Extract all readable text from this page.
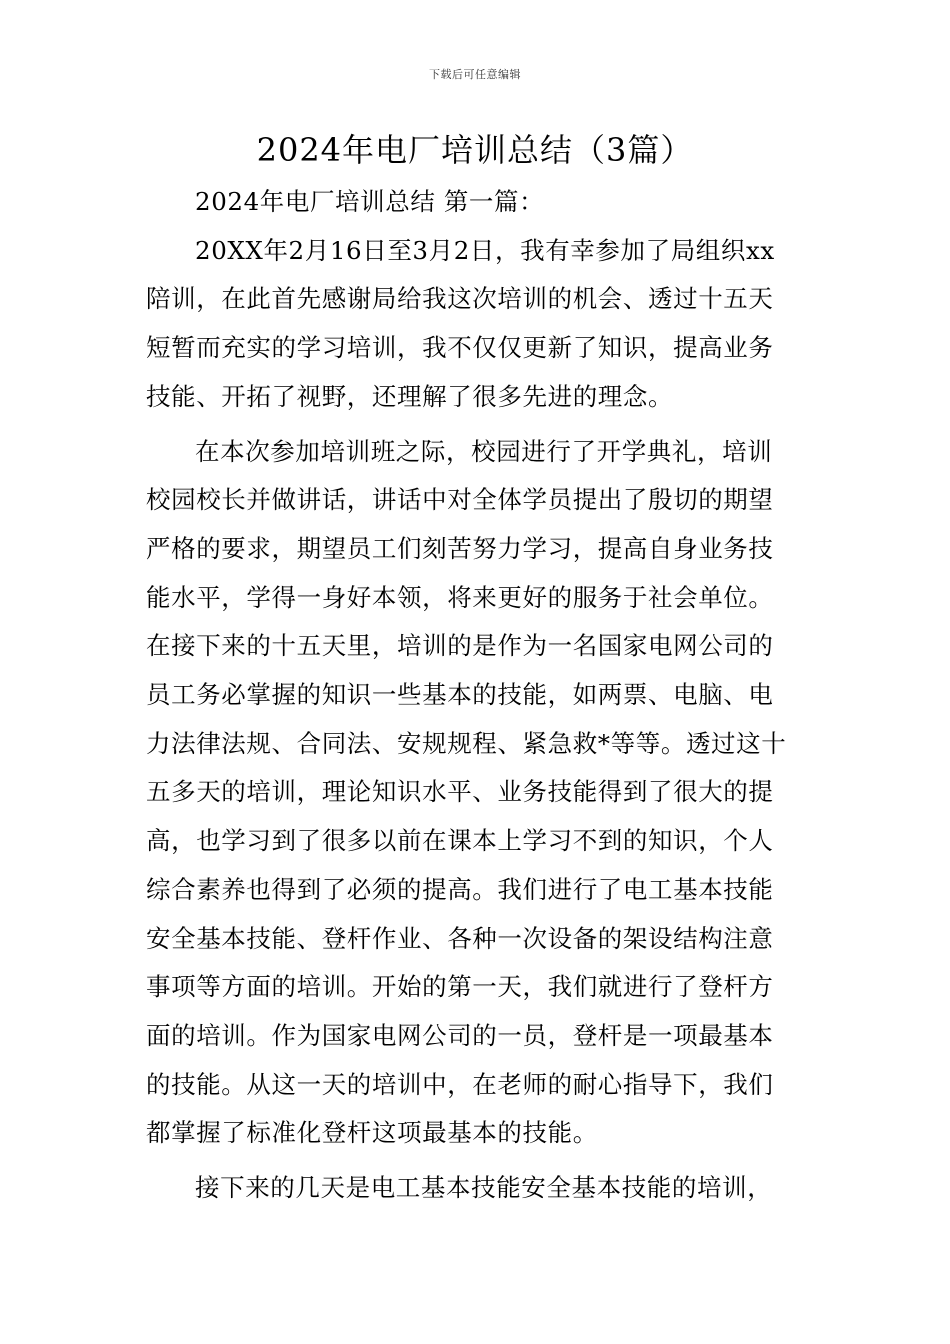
下载后可任意编辑
2024年电厂培训总结（3篇）

2024年电厂培训总结 第一篇：

20XX年2月16日至3月2日，我有幸参加了局组织xx
陪训，在此首先感谢局给我这次培训的机会、透过十五天
短暂而充实的学习培训，我不仅仅更新了知识，提高业务
技能、开拓了视野，还理解了很多先进的理念。

在本次参加培训班之际，校园进行了开学典礼，培训
校园校长并做讲话，讲话中对全体学员提出了殷切的期望
严格的要求，期望员工们刻苦努力学习，提高自身业务技
能水平，学得一身好本领，将来更好的服务于社会单位。
在接下来的十五天里，培训的是作为一名国家电网公司的
员工务必掌握的知识一些基本的技能，如两票、电脑、电
力法律法规、合同法、安规规程、紧急救*等等。透过这十
五多天的培训，理论知识水平、业务技能得到了很大的提
高，也学习到了很多以前在课本上学习不到的知识，个人
综合素养也得到了必须的提高。我们进行了电工基本技能
安全基本技能、登杆作业、各种一次设备的架设结构注意
事项等方面的培训。开始的第一天，我们就进行了登杆方
面的培训。作为国家电网公司的一员，登杆是一项最基本
的技能。从这一天的培训中，在老师的耐心指导下，我们
都掌握了标准化登杆这项最基本的技能。

接下来的几天是电工基本技能安全基本技能的培训，
